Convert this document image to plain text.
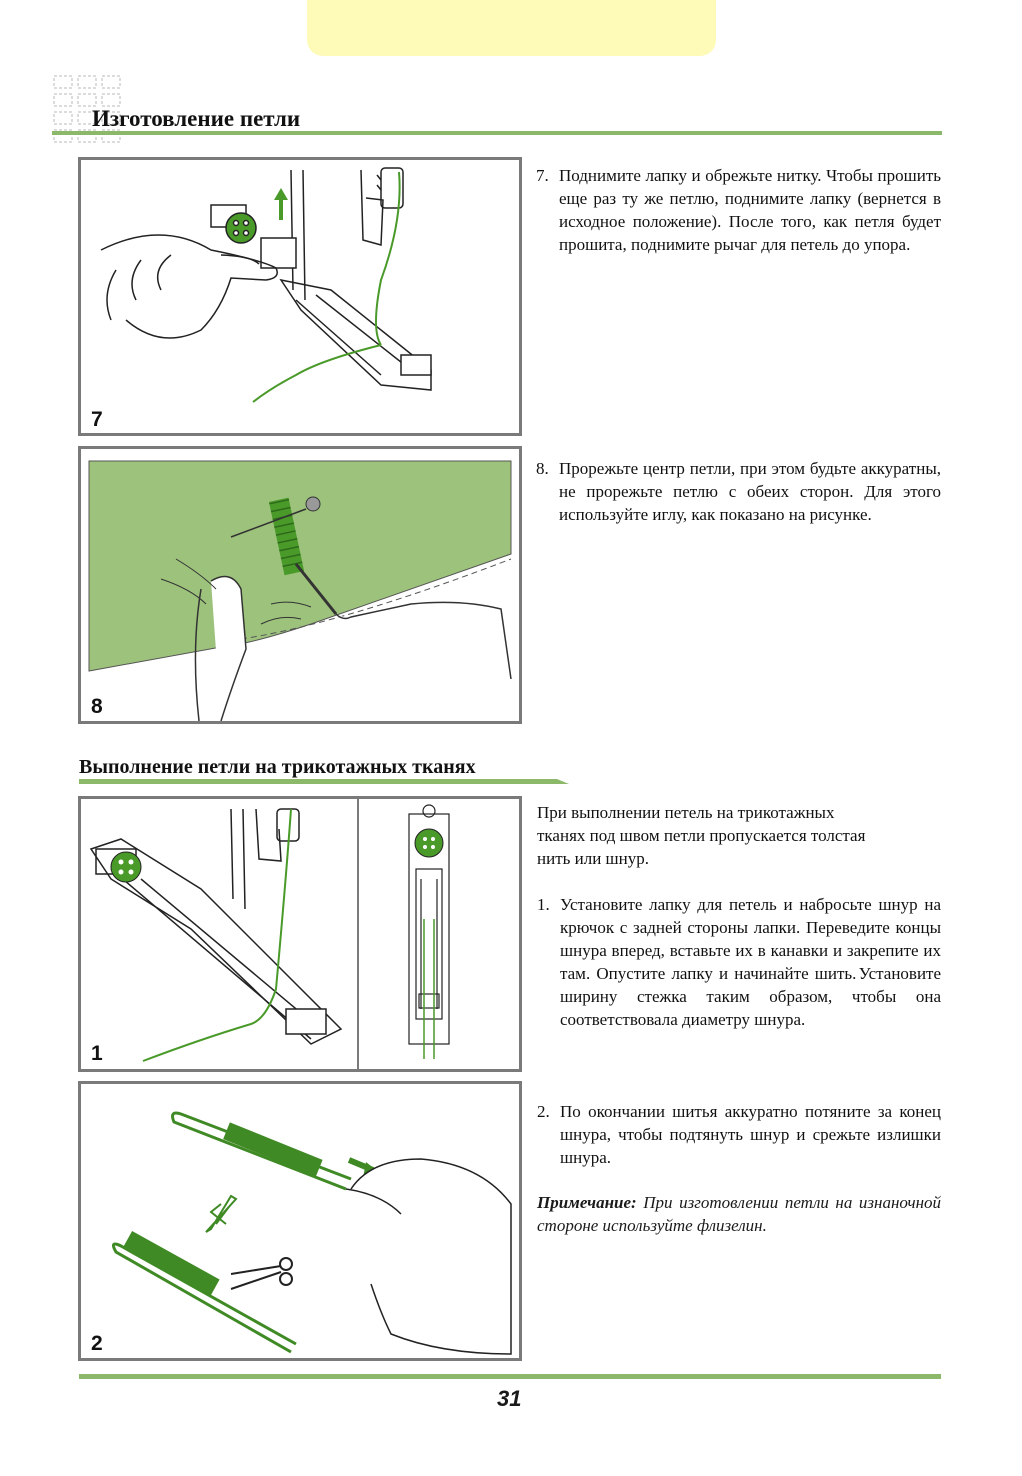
Изготовление петли
7
8
7. Поднимите лапку и обрежьте нитку. Чтобы прошить еще раз ту же петлю, поднимите лапку (вернется в исходное положение). После того, как петля будет прошита, поднимите рычаг для петель до упора.
8. Прорежьте центр петли, при этом будьте аккуратны, не прорежьте петлю с обеих сторон. Для этого используйте иглу, как показано на рисунке.
Выполнение петли на трикотажных тканях
1
2
При выполнении петель на трикотажных
тканях под швом петли пропускается толстая
нить или шнур.
1. Установите лапку для петель и набросьте шнур на крючок с задней стороны лапки. Переведите концы шнура вперед, вставьте их в канавки и закрепите их там. Опустите лапку и начинайте шить. Установите ширину стежка таким образом, чтобы она соответствовала диаметру шнура.
2. По окончании шитья аккуратно потяните за конец шнура, чтобы подтянуть шнур и срежьте излишки шнура.
Примечание: При изготовлении петли на изнаночной стороне используйте флизелин.
31
